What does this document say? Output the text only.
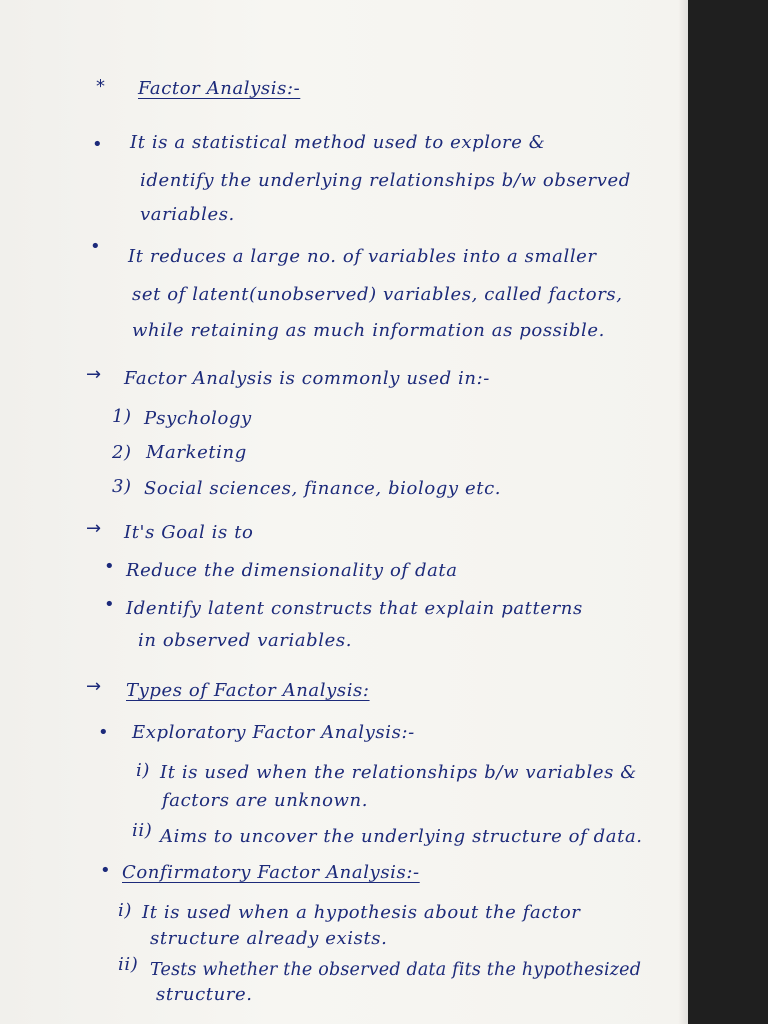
* Factor Analysis:-
• It is a statistical method used to explore &
identify the underlying relationships b/w observed
variables.
• It reduces a large no. of variables into a smaller
set of latent(unobserved) variables, called factors,
while retaining as much information as possible.
→ Factor Analysis is commonly used in:-
1) Psychology
2) Marketing
3) Social sciences, finance, biology etc.
→ It's Goal is to
• Reduce the dimensionality of data
• Identify latent constructs that explain patterns
in observed variables.
→ Types of Factor Analysis:
• Exploratory Factor Analysis:-
i) It is used when the relationships b/w variables &
factors are unknown.
ii) Aims to uncover the underlying structure of data.
• Confirmatory Factor Analysis:-
i) It is used when a hypothesis about the factor
structure already exists.
ii) Tests whether the observed data fits the hypothesized
structure.
